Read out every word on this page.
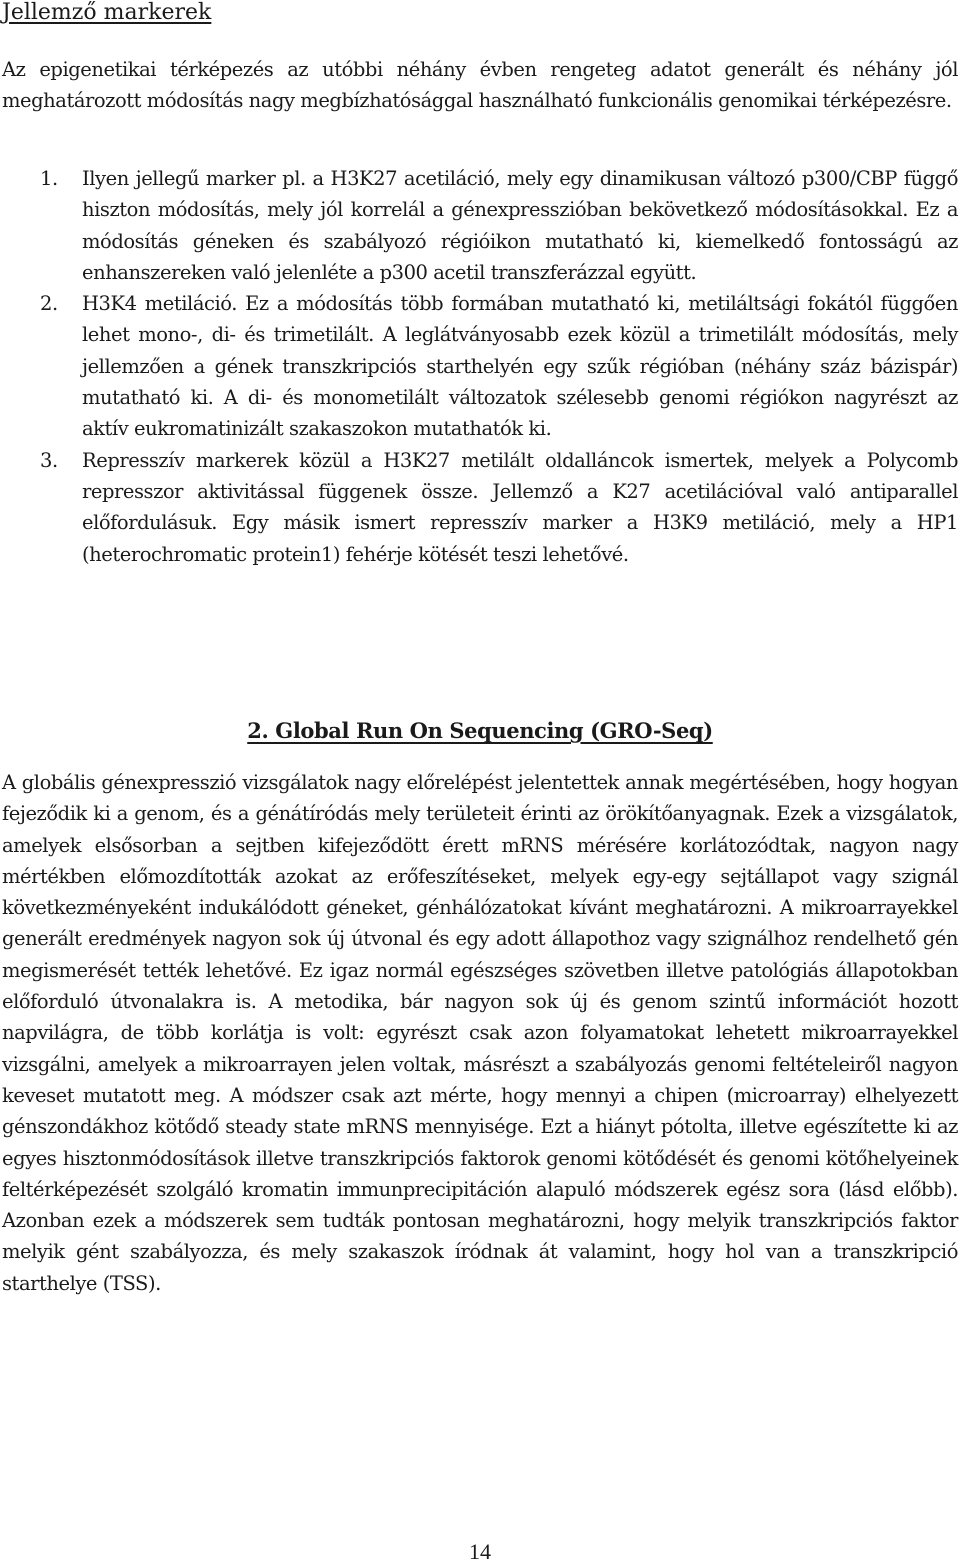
Jellemző markerek

Az epigenetikai térképezés az utóbbi néhány évben rengeteg adatot generált és néhány jól meghatározott módosítás nagy megbízhatósággal használható funkcionális genomikai térképezésre.

1. Ilyen jellegű marker pl. a H3K27 acetiláció, mely egy dinamikusan változó p300/CBP függő hiszton módosítás, mely jól korrelál a génexpresszióban bekövetkező módosításokkal. Ez a módosítás géneken és szabályozó régióikon mutatható ki, kiemelkedő fontosságú az enhanszereken való jelenléte a p300 acetil transzferázzal együtt.
2. H3K4 metiláció. Ez a módosítás több formában mutatható ki, metiláltsági fokától függően lehet mono-, di- és trimetilált. A leglátványosabb ezek közül a trimetilált módosítás, mely jellemzően a gének transzkripciós starthelyén egy szűk régióban (néhány száz bázispár) mutatható ki. A di- és monometilált változatok szélesebb genomi régiókon nagyrészt az aktív eukromatinizált szakaszokon mutathatók ki.
3. Represszív markerek közül a H3K27 metilált oldalláncok ismertek, melyek a Polycomb represszor aktivitással függenek össze. Jellemző a K27 acetilációval való antiparallel előfordulásuk. Egy másik ismert represszív marker a H3K9 metiláció, mely a HP1 (heterochromatic protein1) fehérje kötését teszi lehetővé.
2. Global Run On Sequencing (GRO-Seq)

A globális génexpresszió vizsgálatok nagy előrelépést jelentettek annak megértésében, hogy hogyan fejeződik ki a genom, és a génátíródás mely területeit érinti az örökítőanyagnak. Ezek a vizsgálatok, amelyek elsősorban a sejtben kifejeződött érett mRNS mérésére korlátozódtak, nagyon nagy mértékben előmozdították azokat az erőfeszítéseket, melyek egy-egy sejtállapot vagy szignál következményeként indukálódott géneket, génhálózatokat kívánt meghatározni. A mikroarrayekkel generált eredmények nagyon sok új útvonal és egy adott állapothoz vagy szignálhoz rendelhető gén megismerését tették lehetővé. Ez igaz normál egészséges szövetben illetve patológiás állapotokban előforduló útvonalakra is. A metodika, bár nagyon sok új és genom szintű információt hozott napvilágra, de több korlátja is volt: egyrészt csak azon folyamatokat lehetett mikroarrayekkel vizsgálni, amelyek a mikroarrayen jelen voltak, másrészt a szabályozás genomi feltételeiről nagyon keveset mutatott meg. A módszer csak azt mérte, hogy mennyi a chipen (microarray) elhelyezett génszondákhoz kötődő steady state mRNS mennyisége. Ezt a hiányt pótolta, illetve egészítette ki az egyes hisztonmódosítások illetve transzkripciós faktorok genomi kötődését és genomi kötőhelyeinek feltérképezését szolgáló kromatin immunprecipitáción alapuló módszerek egész sora (lásd előbb). Azonban ezek a módszerek sem tudták pontosan meghatározni, hogy melyik transzkripciós faktor melyik gént szabályozza, és mely szakaszok íródnak át valamint, hogy hol van a transzkripció starthelye (TSS).

14
